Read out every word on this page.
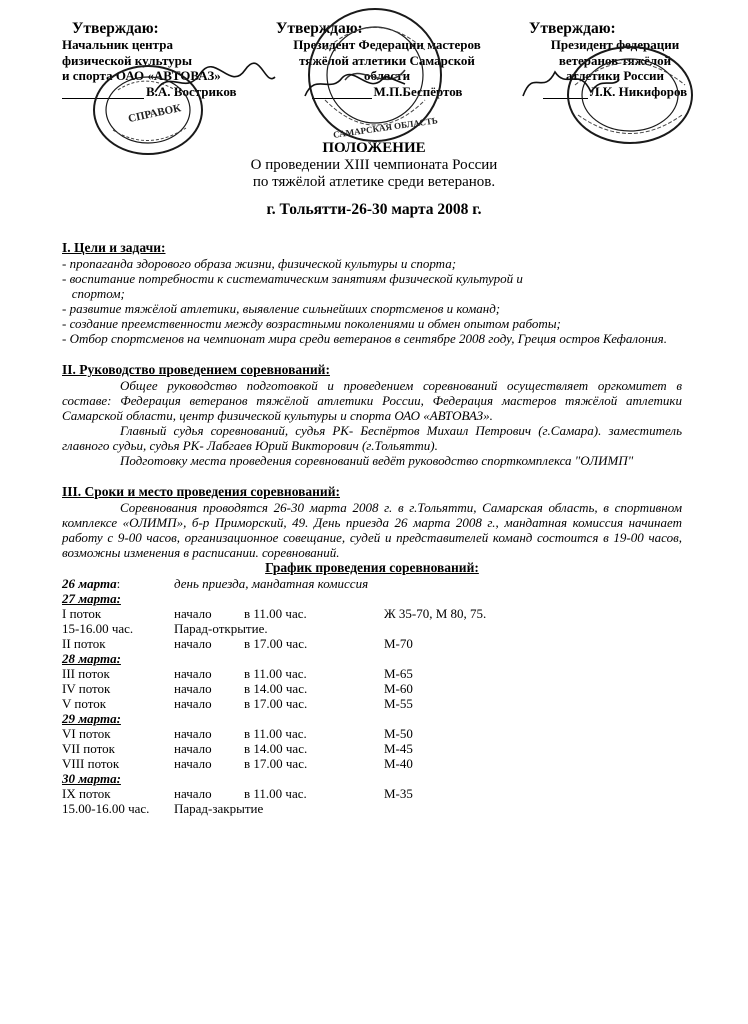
Утверждаю:
Начальник центра
физической культуры
и спорта ОАО «АВТОВАЗ»
В.А. Востриков
Утверждаю:
Президент Федерации мастеров
тяжёлой атлетики Самарской
области
М.П.Беспёртов
Утверждаю:
Президент федерации
ветеранов тяжёлой
атлетики России
Л.К. Никифоров
СПРАВОК
САМАРСКАЯ ОБЛАСТЬ
ПОЛОЖЕНИЕ
О проведении XIII чемпионата России
по тяжёлой атлетике среди ветеранов.
г. Тольятти-26-30 марта 2008 г.
I. Цели и задачи:
- пропаганда здорового образа жизни, физической культуры и спорта;
- воспитание потребности к систематическим занятиям физической культурой и
спортом;
- развитие тяжёлой атлетики, выявление сильнейших спортсменов и команд;
- создание преемственности между возрастными поколениями и обмен опытом работы;
- Отбор спортсменов на чемпионат мира среди ветеранов в сентябре 2008 году, Греция остров Кефалония.
II. Руководство проведением соревнований:
Общее руководство подготовкой и проведением соревнований осуществляет оргкомитет в составе: Федерация ветеранов тяжёлой атлетики России, Федерация мастеров тяжёлой атлетики Самарской области, центр физической культуры и спорта ОАО «АВТОВАЗ».
Главный судья соревнований, судья РК- Беспёртов Михаил Петрович (г.Самара). заместитель главного судьи, судья РК- Лабгаев Юрий Викторович (г.Тольятти).
Подготовку места проведения соревнований ведёт руководство спорткомплекса "ОЛИМП"
III. Сроки и место проведения соревнований:
Соревнования проводятся 26-30 марта 2008 г. в г.Тольятти, Самарская область, в спортивном комплексе «ОЛИМП», б-р Приморский, 49. День приезда 26 марта 2008 г., мандатная комиссия начинает работу с 9-00 часов, организационное совещание, судей и представителей команд состоится в 19-00 часов, возможны изменения в расписании. соревнований.
График проведения соревнований:
26 марта:	день приезда, мандатная комиссия
27 марта:
I поток	начало	в 11.00 час.	Ж 35-70, М 80, 75.
15-16.00 час.	Парад-открытие.
II поток	начало	в 17.00 час.	М-70
28 марта:
III поток	начало	в 11.00 час.	М-65
IV поток	начало	в 14.00 час.	М-60
V поток	начало	в 17.00 час.	М-55
29 марта:
VI поток	начало	в 11.00 час.	М-50
VII поток	начало	в 14.00 час.	М-45
VIII поток	начало	в 17.00 час.	М-40
30 марта:
IX поток	начало	в 11.00 час.	М-35
15.00-16.00 час.	Парад-закрытие
